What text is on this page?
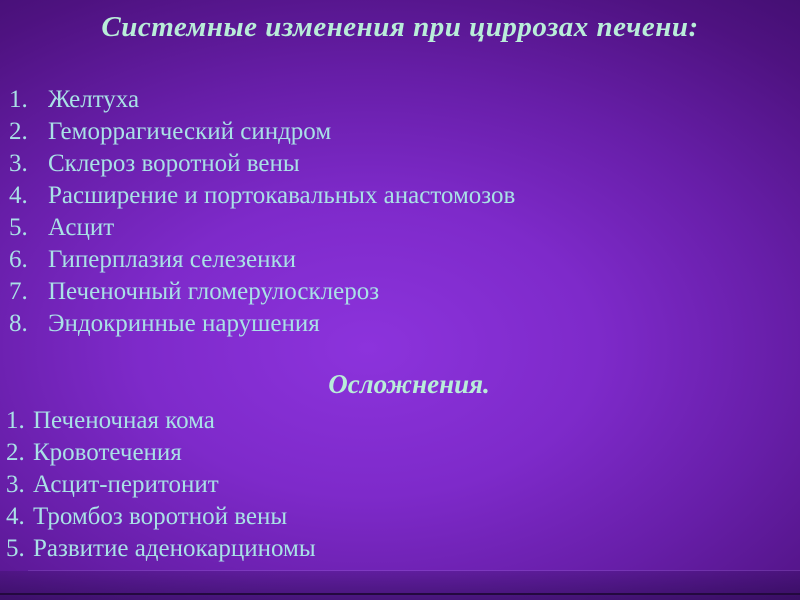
Системные изменения при циррозах печени:
1. Желтуха
2. Геморрагический синдром
3. Склероз воротной вены
4. Расширение и портокавальных анастомозов
5. Асцит
6. Гиперплазия селезенки
7. Печеночный гломерулосклероз
8. Эндокринные нарушения
Осложнения.
1. Печеночная кома
2. Кровотечения
3. Асцит-перитонит
4. Тромбоз воротной вены
5. Развитие аденокарциномы
